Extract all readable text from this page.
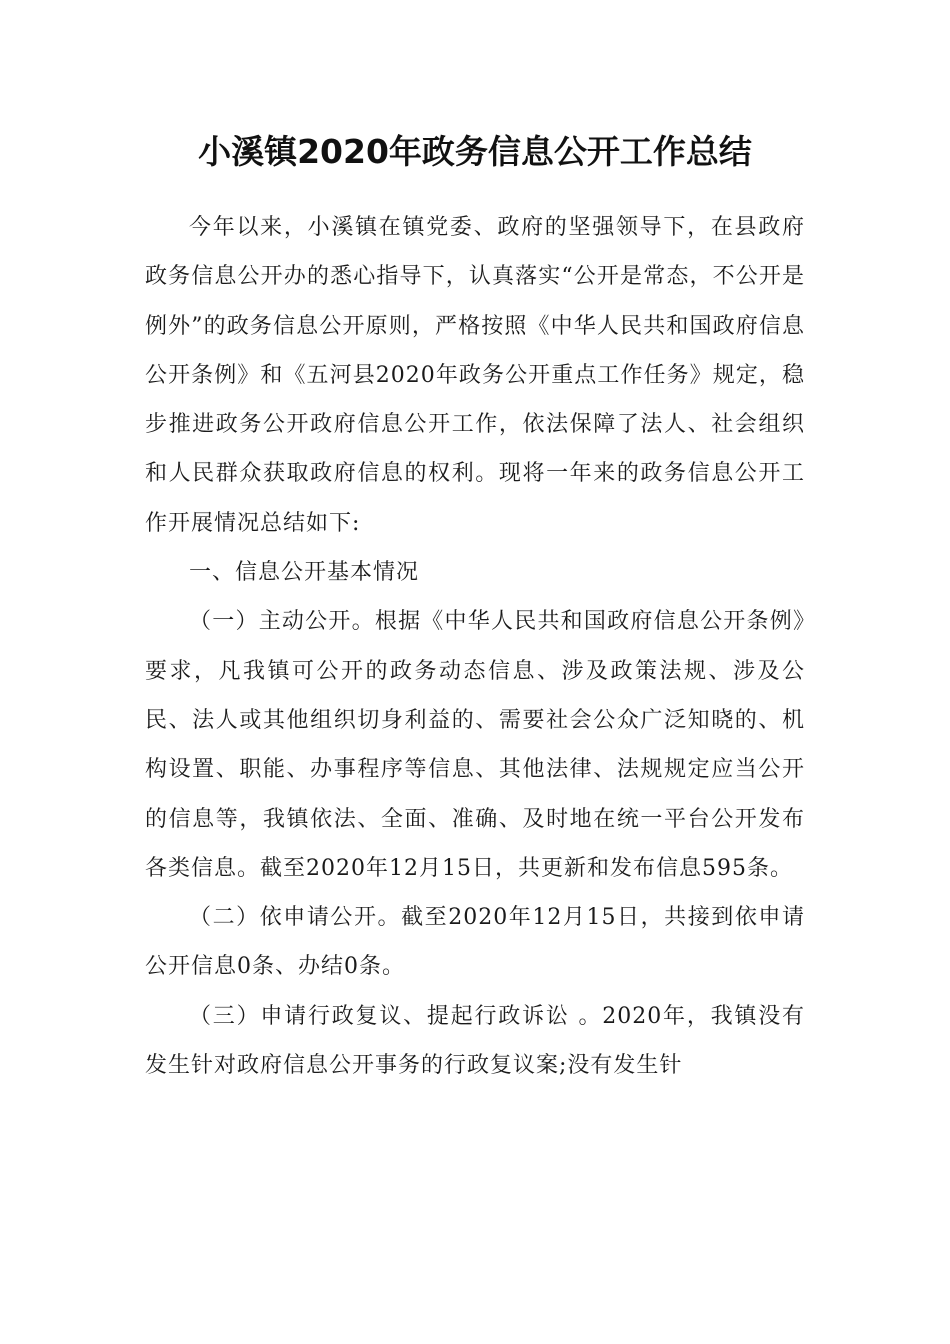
小溪镇2020年政务信息公开工作总结

今年以来，小溪镇在镇党委、政府的坚强领导下，在县政府政务信息公开办的悉心指导下，认真落实“公开是常态，不公开是例外”的政务信息公开原则，严格按照《中华人民共和国政府信息公开条例》和《五河县2020年政务公开重点工作任务》规定，稳步推进政务公开政府信息公开工作，依法保障了法人、社会组织和人民群众获取政府信息的权利。现将一年来的政务信息公开工作开展情况总结如下:

一、信息公开基本情况

（一）主动公开。根据《中华人民共和国政府信息公开条例》要求，凡我镇可公开的政务动态信息、涉及政策法规、涉及公民、法人或其他组织切身利益的、需要社会公众广泛知晓的、机构设置、职能、办事程序等信息、其他法律、法规规定应当公开的信息等，我镇依法、全面、准确、及时地在统一平台公开发布各类信息。截至2020年12月15日，共更新和发布信息595条。

（二）依申请公开。截至2020年12月15日，共接到依申请公开信息0条、办结0条。

（三）申请行政复议、提起行政诉讼 。2020年，我镇没有发生针对政府信息公开事务的行政复议案;没有发生针
